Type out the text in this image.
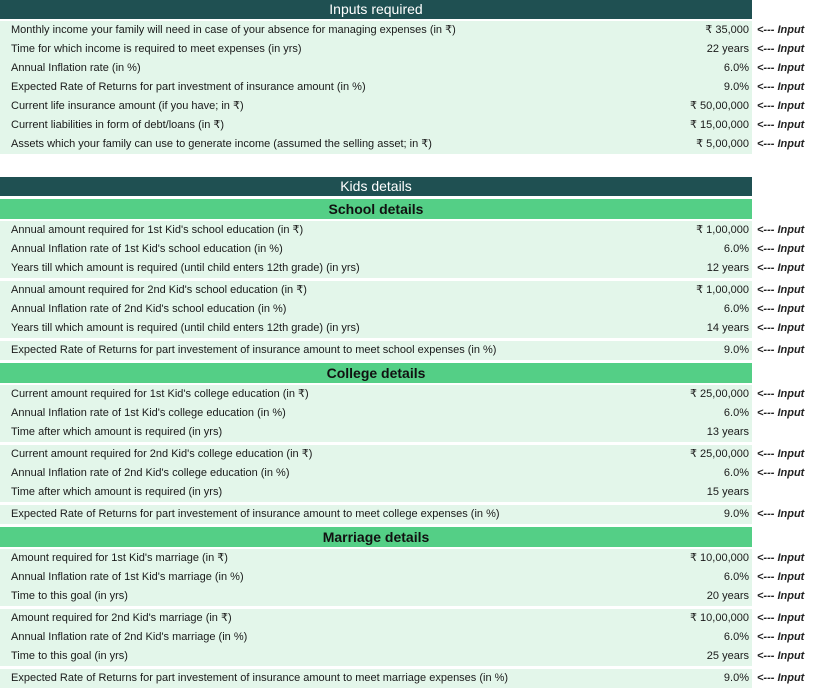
Inputs required
Monthly income your family will need in case of your absence for managing expenses (in ₹)	₹ 35,000 <--- Input
Time for which income is required to meet expenses (in yrs)	22 years <--- Input
Annual Inflation rate (in %)	6.0% <--- Input
Expected Rate of Returns for part investment of insurance amount (in %)	9.0% <--- Input
Current life insurance amount (if you have; in ₹)	₹ 50,00,000 <--- Input
Current liabilities in form of debt/loans (in ₹)	₹ 15,00,000 <--- Input
Assets which your family can use to generate income (assumed the selling asset; in ₹)	₹ 5,00,000 <--- Input
Kids details
School details
Annual amount required for 1st Kid's school education (in ₹)	₹ 1,00,000 <--- Input
Annual Inflation rate of 1st Kid's school education (in %)	6.0% <--- Input
Years till which amount is required (until child enters 12th grade) (in yrs)	12 years <--- Input
Annual amount required for 2nd Kid's school education (in ₹)	₹ 1,00,000 <--- Input
Annual Inflation rate of 2nd Kid's school education (in %)	6.0% <--- Input
Years till which amount is required (until child enters 12th grade) (in yrs)	14 years <--- Input
Expected Rate of Returns for part investement of insurance amount to meet school expenses (in %)	9.0% <--- Input
College details
Current amount required for 1st Kid's college education (in ₹)	₹ 25,00,000 <--- Input
Annual Inflation rate of 1st Kid's college education (in %)	6.0% <--- Input
Time after which amount is required (in yrs)	13 years
Current amount required for 2nd Kid's college education (in ₹)	₹ 25,00,000 <--- Input
Annual Inflation rate of 2nd Kid's college education (in %)	6.0% <--- Input
Time after which amount is required (in yrs)	15 years
Expected Rate of Returns for part investement of insurance amount to meet college expenses (in %)	9.0% <--- Input
Marriage details
Amount required for 1st Kid's marriage (in ₹)	₹ 10,00,000 <--- Input
Annual Inflation rate of 1st Kid's marriage (in %)	6.0% <--- Input
Time to this goal (in yrs)	20 years <--- Input
Amount required for 2nd Kid's marriage (in ₹)	₹ 10,00,000 <--- Input
Annual Inflation rate of 2nd Kid's marriage (in %)	6.0% <--- Input
Time to this goal (in yrs)	25 years <--- Input
Expected Rate of Returns for part investement of insurance amount to meet marriage expenses (in %)	9.0% <--- Input
